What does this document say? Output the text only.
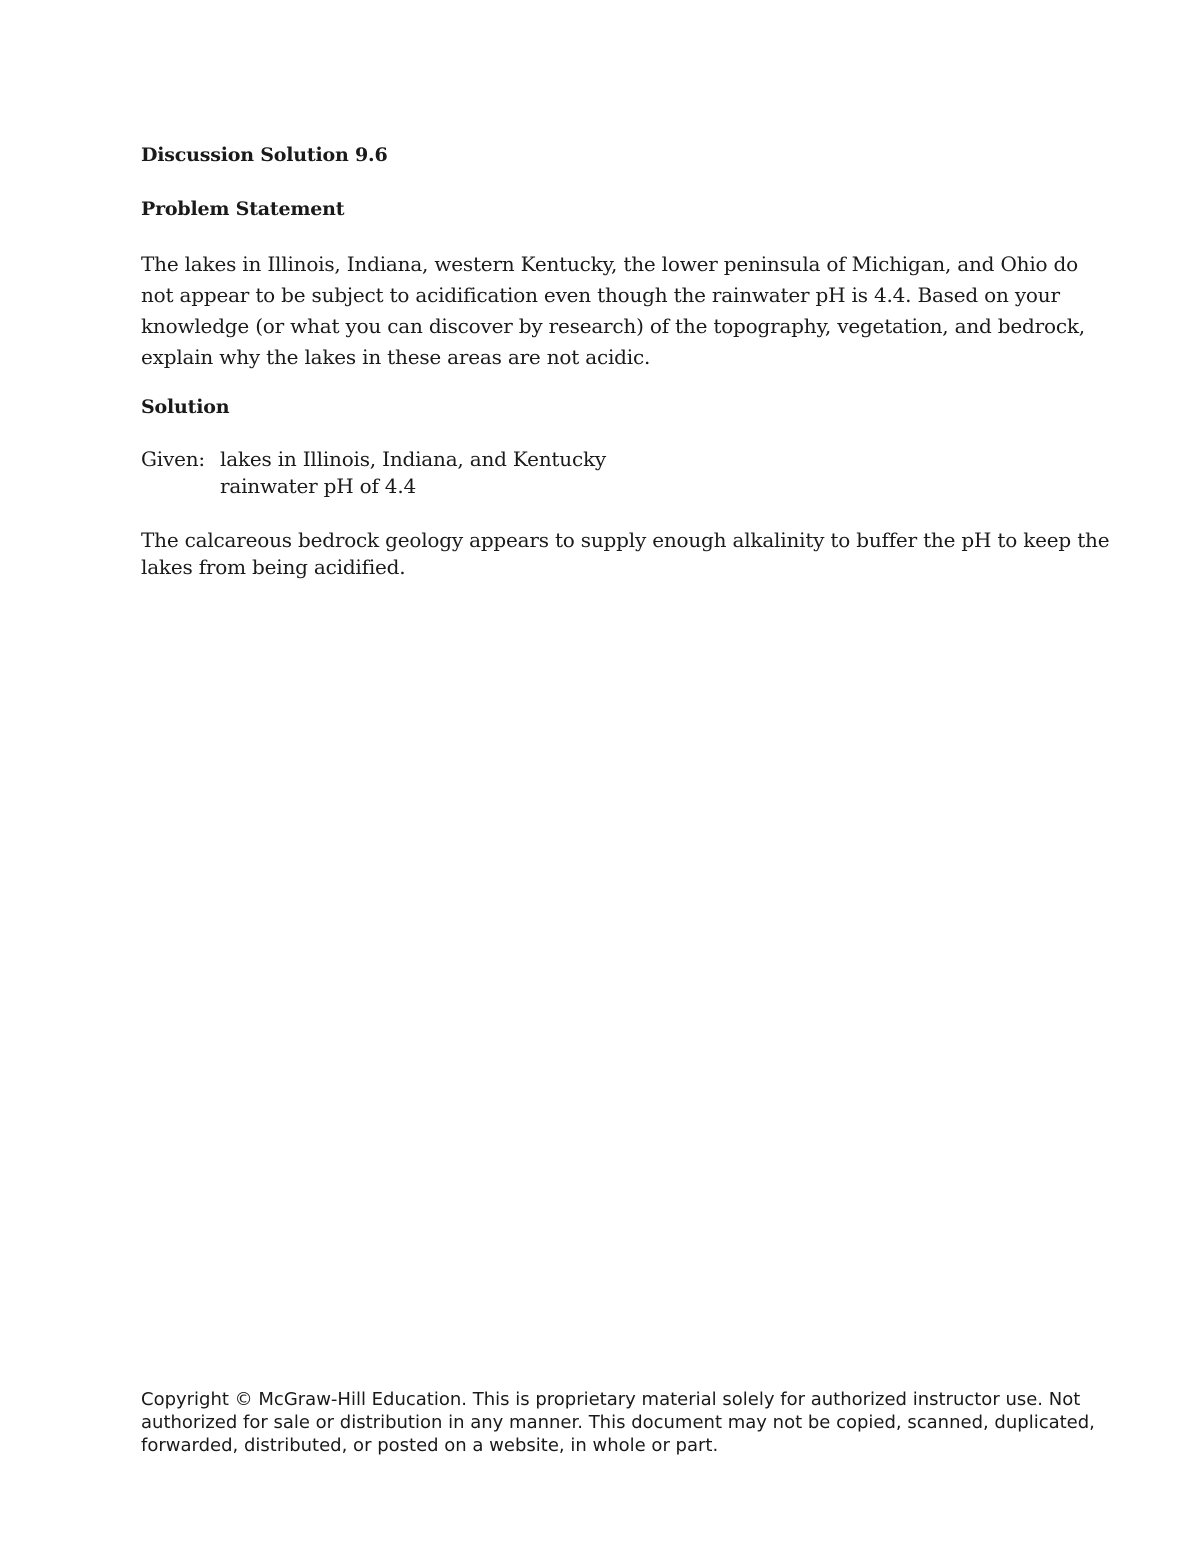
Discussion Solution 9.6
Problem Statement

The lakes in Illinois, Indiana, western Kentucky, the lower peninsula of Michigan, and Ohio do not appear to be subject to acidification even though the rainwater pH is 4.4. Based on your knowledge (or what you can discover by research) of the topography, vegetation, and bedrock, explain why the lakes in these areas are not acidic.

Solution
Given: lakes in Illinois, Indiana, and Kentucky
rainwater pH of 4.4

The calcareous bedrock geology appears to supply enough alkalinity to buffer the pH to keep the lakes from being acidified.

Copyright © McGraw-Hill Education. This is proprietary material solely for authorized instructor use. Not authorized for sale or distribution in any manner. This document may not be copied, scanned, duplicated, forwarded, distributed, or posted on a website, in whole or part.
